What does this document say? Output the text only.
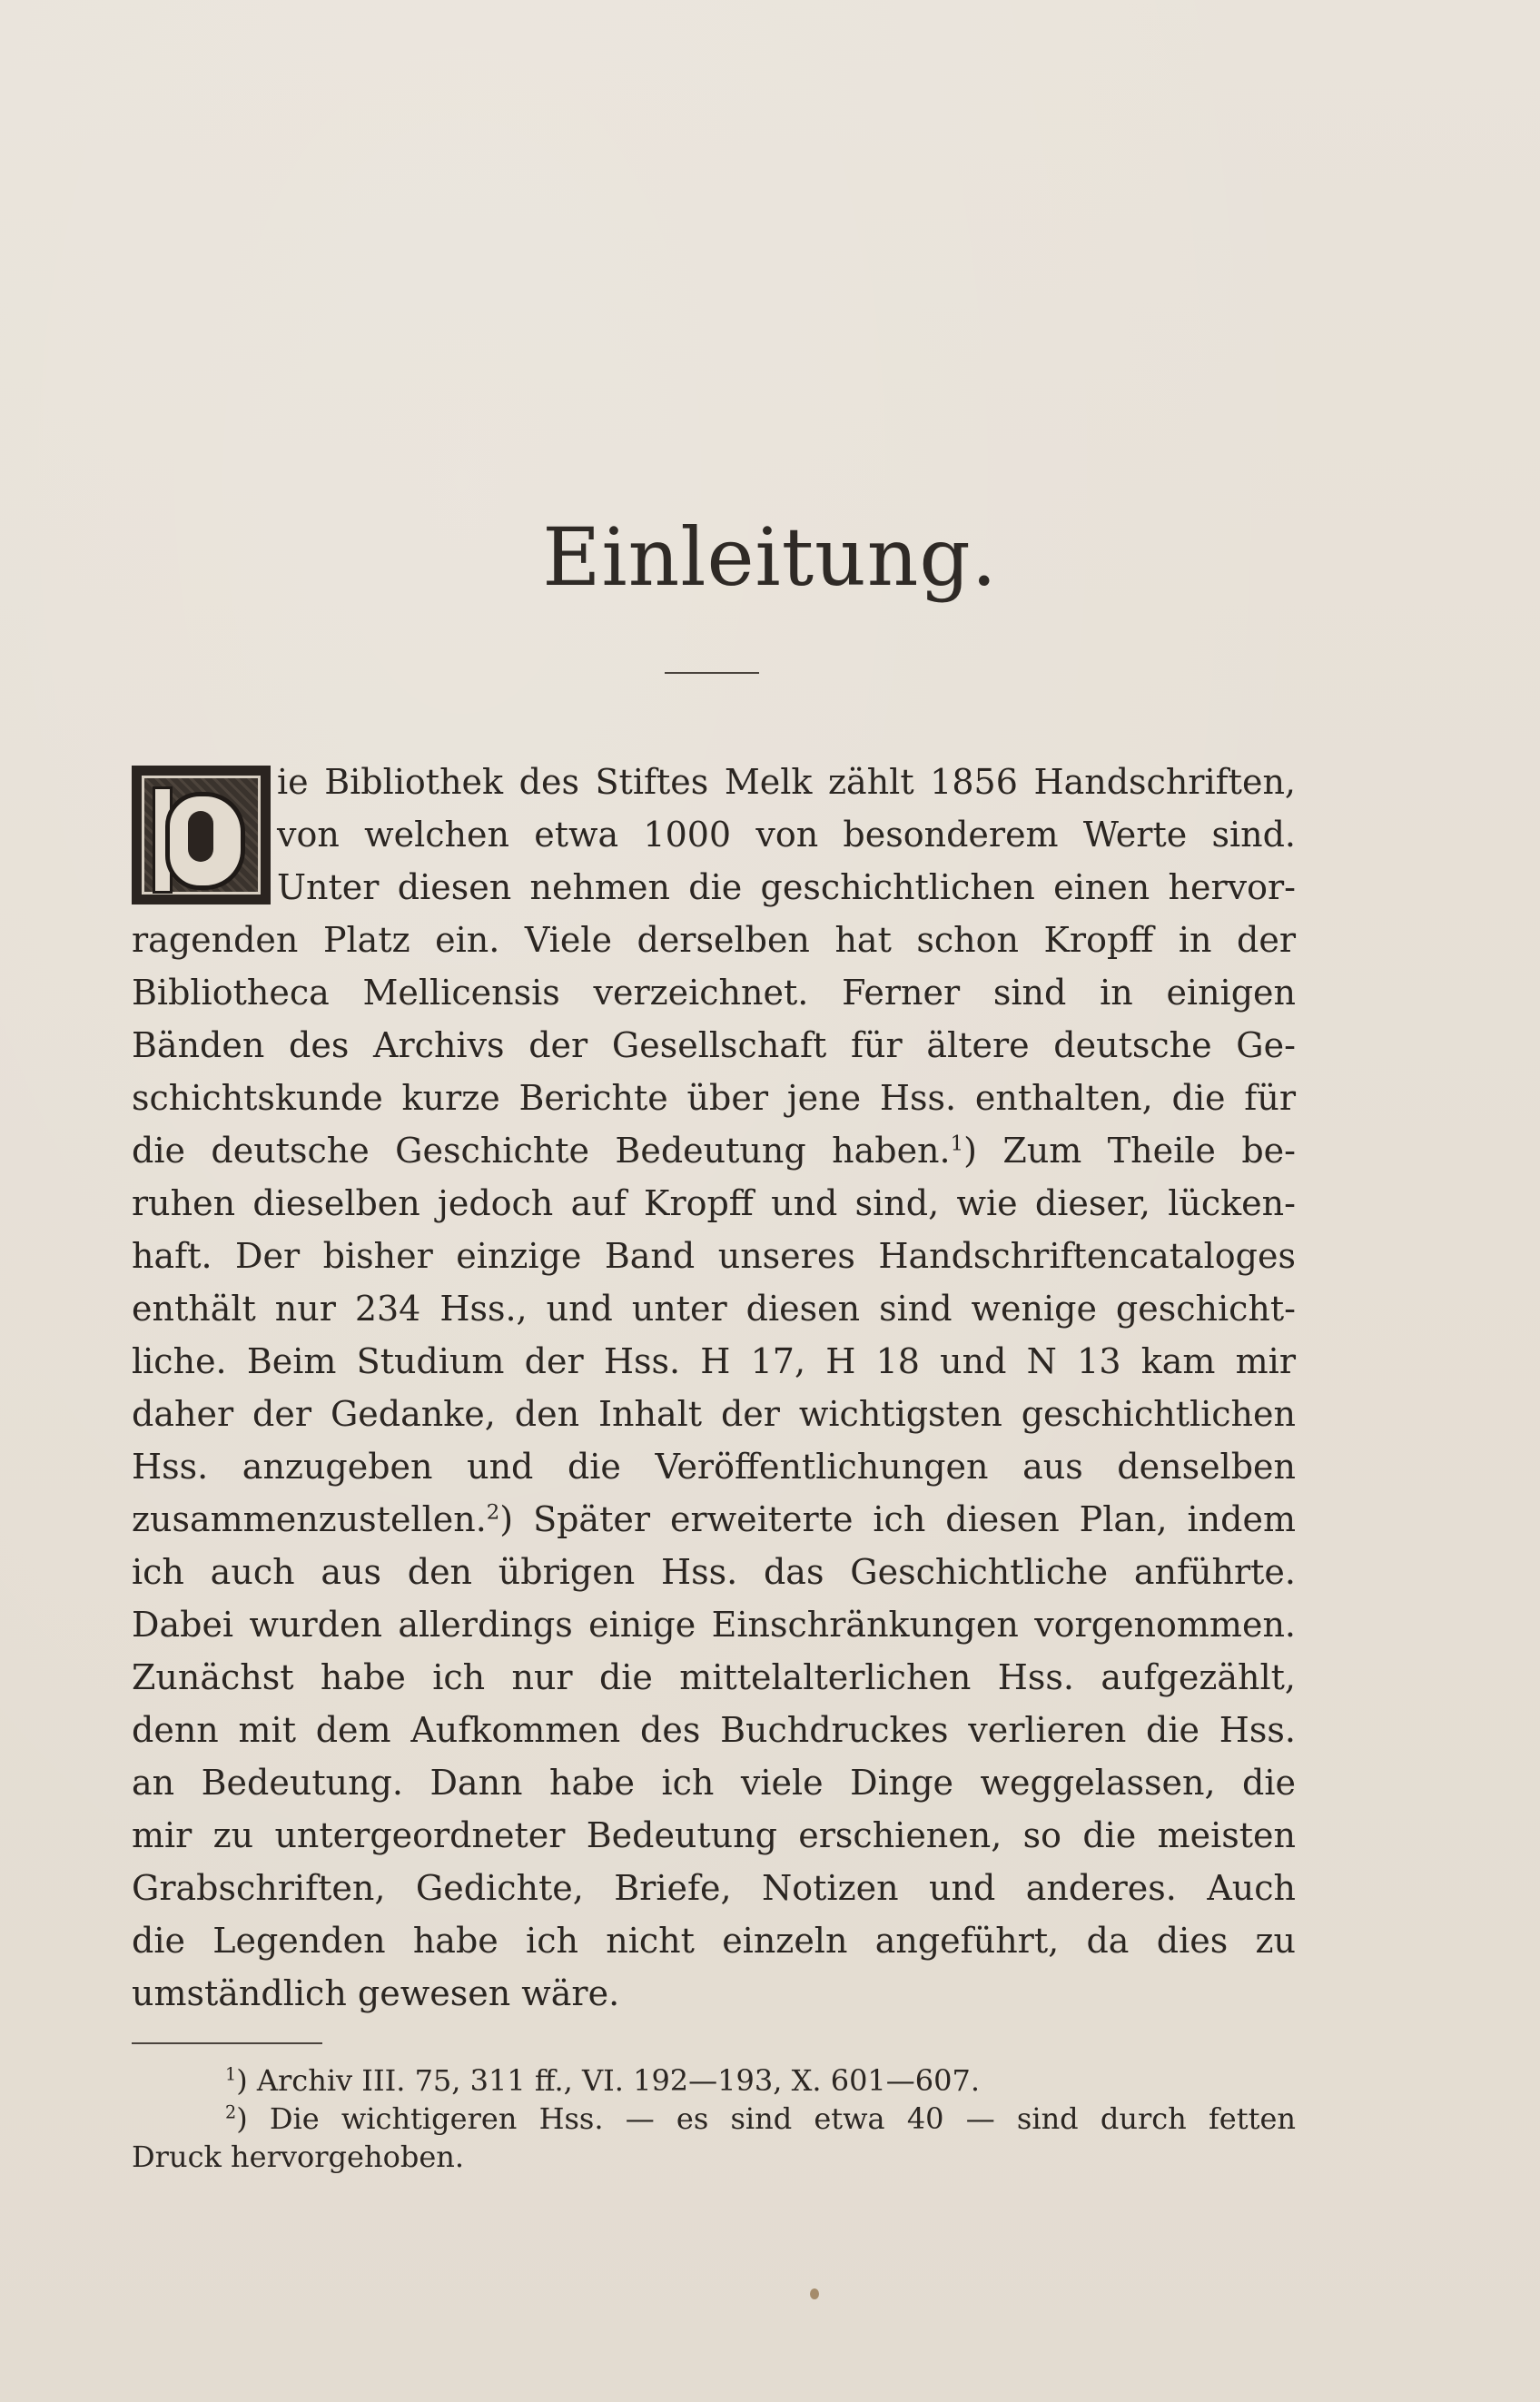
Einleitung.
ie Bibliothek des Stiftes Melk zählt 1856 Handschriften,
von welchen etwa 1000 von besonderem Werte sind.
Unter diesen nehmen die geschichtlichen einen hervor-
ragenden Platz ein. Viele derselben hat schon Kropff in der
Bibliotheca Mellicensis verzeichnet. Ferner sind in einigen
Bänden des Archivs der Gesellschaft für ältere deutsche Ge-
schichtskunde kurze Berichte über jene Hss. enthalten, die für
die deutsche Geschichte Bedeutung haben.$^1$) Zum Theile be-
ruhen dieselben jedoch auf Kropff und sind, wie dieser, lücken-
haft. Der bisher einzige Band unseres Handschriftencataloges
enthält nur 234 Hss., und unter diesen sind wenige geschicht-
liche. Beim Studium der Hss. H 17, H 18 und N 13 kam mir
daher der Gedanke, den Inhalt der wichtigsten geschichtlichen
Hss. anzugeben und die Veröffentlichungen aus denselben
zusammenzustellen.$^2$) Später erweiterte ich diesen Plan, indem
ich auch aus den übrigen Hss. das Geschichtliche anführte.
Dabei wurden allerdings einige Einschränkungen vorgenommen.
Zunächst habe ich nur die mittelalterlichen Hss. aufgezählt,
denn mit dem Aufkommen des Buchdruckes verlieren die Hss.
an Bedeutung. Dann habe ich viele Dinge weggelassen, die
mir zu untergeordneter Bedeutung erschienen, so die meisten
Grabschriften, Gedichte, Briefe, Notizen und anderes. Auch
die Legenden habe ich nicht einzeln angeführt, da dies zu
umständlich gewesen wäre.
$^1$) Archiv III. 75, 311 ff., VI. 192—193, X. 601—607.
$^2$) Die wichtigeren Hss. — es sind etwa 40 — sind durch fetten
Druck hervorgehoben.
